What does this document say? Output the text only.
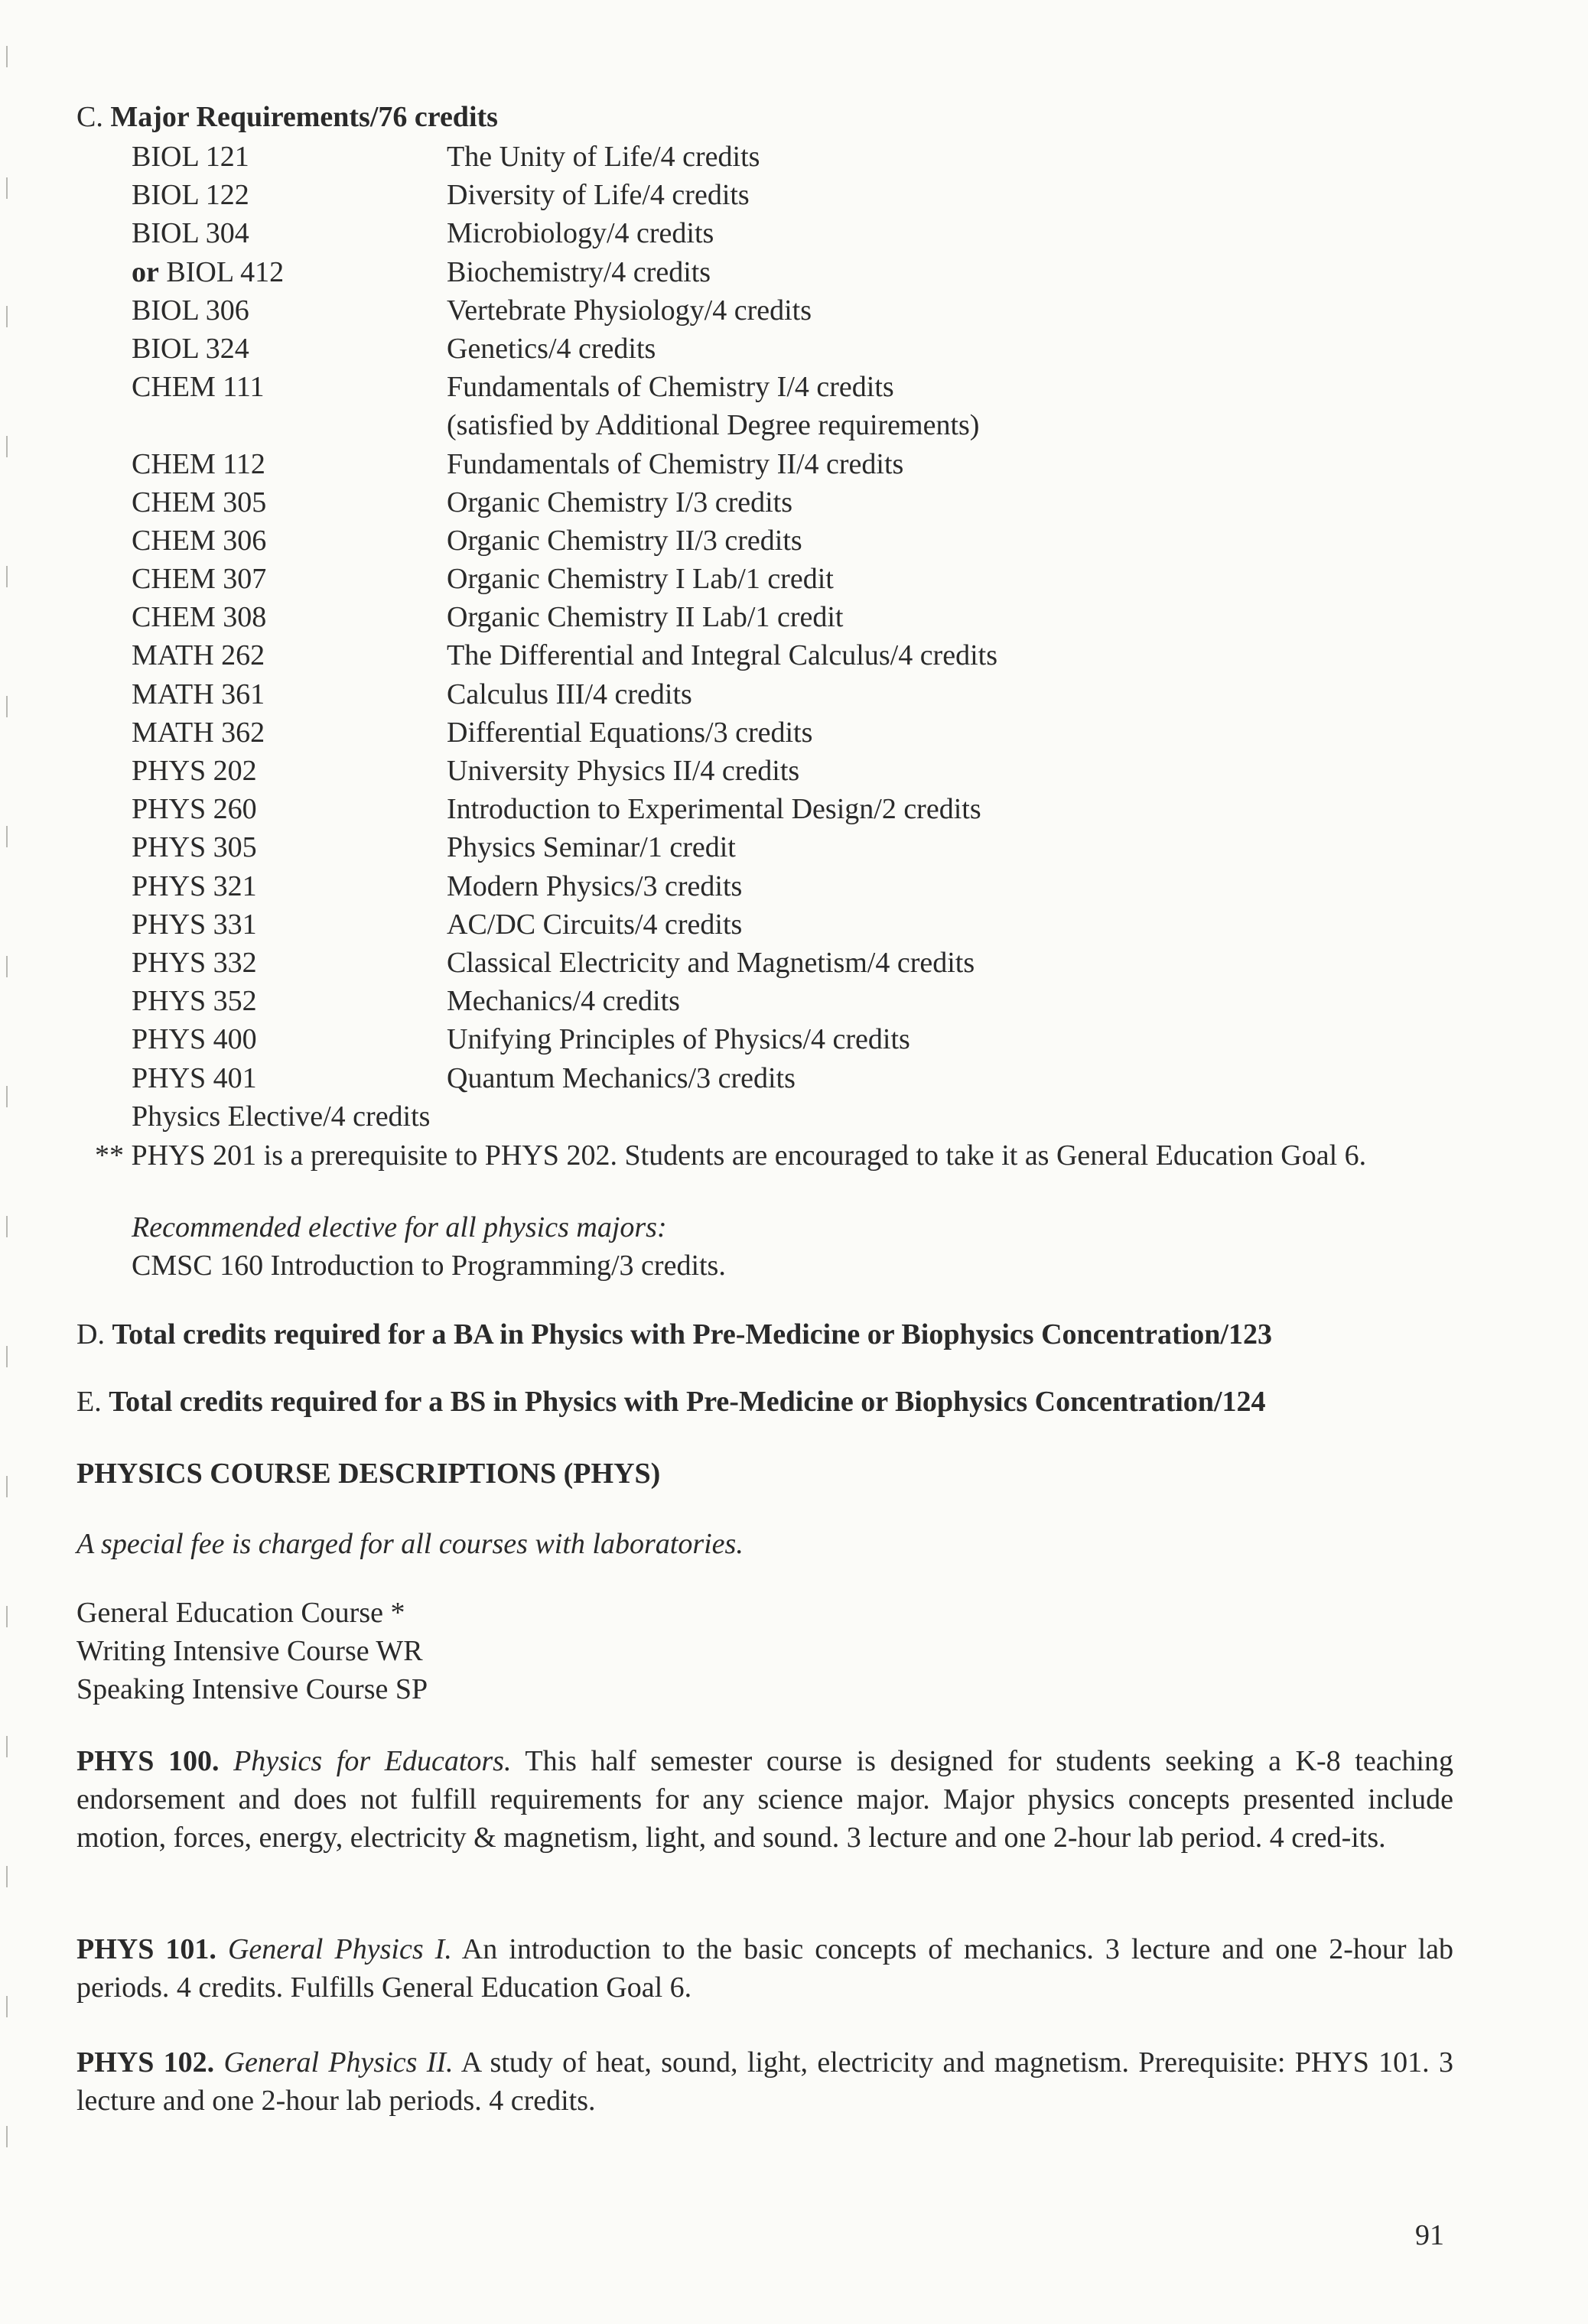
C. Major Requirements/76 credits
BIOL 121	The Unity of Life/4 credits
BIOL 122	Diversity of Life/4 credits
BIOL 304	Microbiology/4 credits
or BIOL 412	Biochemistry/4 credits
BIOL 306	Vertebrate Physiology/4 credits
BIOL 324	Genetics/4 credits
CHEM 111	Fundamentals of Chemistry I/4 credits
(satisfied by Additional Degree requirements)
CHEM 112	Fundamentals of Chemistry II/4 credits
CHEM 305	Organic Chemistry I/3 credits
CHEM 306	Organic Chemistry II/3 credits
CHEM 307	Organic Chemistry I Lab/1 credit
CHEM 308	Organic Chemistry II Lab/1 credit
MATH 262	The Differential and Integral Calculus/4 credits
MATH 361	Calculus III/4 credits
MATH 362	Differential Equations/3 credits
PHYS 202	University Physics II/4 credits
PHYS 260	Introduction to Experimental Design/2 credits
PHYS 305	Physics Seminar/1 credit
PHYS 321	Modern Physics/3 credits
PHYS 331	AC/DC Circuits/4 credits
PHYS 332	Classical Electricity and Magnetism/4 credits
PHYS 352	Mechanics/4 credits
PHYS 400	Unifying Principles of Physics/4 credits
PHYS 401	Quantum Mechanics/3 credits
Physics Elective/4 credits
** PHYS 201 is a prerequisite to PHYS 202. Students are encouraged to take it as General Education Goal 6.
Recommended elective for all physics majors:
CMSC 160 Introduction to Programming/3 credits.
D. Total credits required for a BA in Physics with Pre-Medicine or Biophysics Concentration/123
E. Total credits required for a BS in Physics with Pre-Medicine or Biophysics Concentration/124
PHYSICS COURSE DESCRIPTIONS (PHYS)
A special fee is charged for all courses with laboratories.
General Education Course *
Writing Intensive Course WR
Speaking Intensive Course SP
PHYS 100. Physics for Educators. This half semester course is designed for students seeking a K-8 teaching endorsement and does not fulfill requirements for any science major. Major physics concepts presented include motion, forces, energy, electricity & magnetism, light, and sound. 3 lecture and one 2-hour lab period. 4 cred-its.
PHYS 101. General Physics I. An introduction to the basic concepts of mechanics. 3 lecture and one 2-hour lab periods. 4 credits. Fulfills General Education Goal 6.
PHYS 102. General Physics II. A study of heat, sound, light, electricity and magnetism. Prerequisite: PHYS 101. 3 lecture and one 2-hour lab periods. 4 credits.
91
